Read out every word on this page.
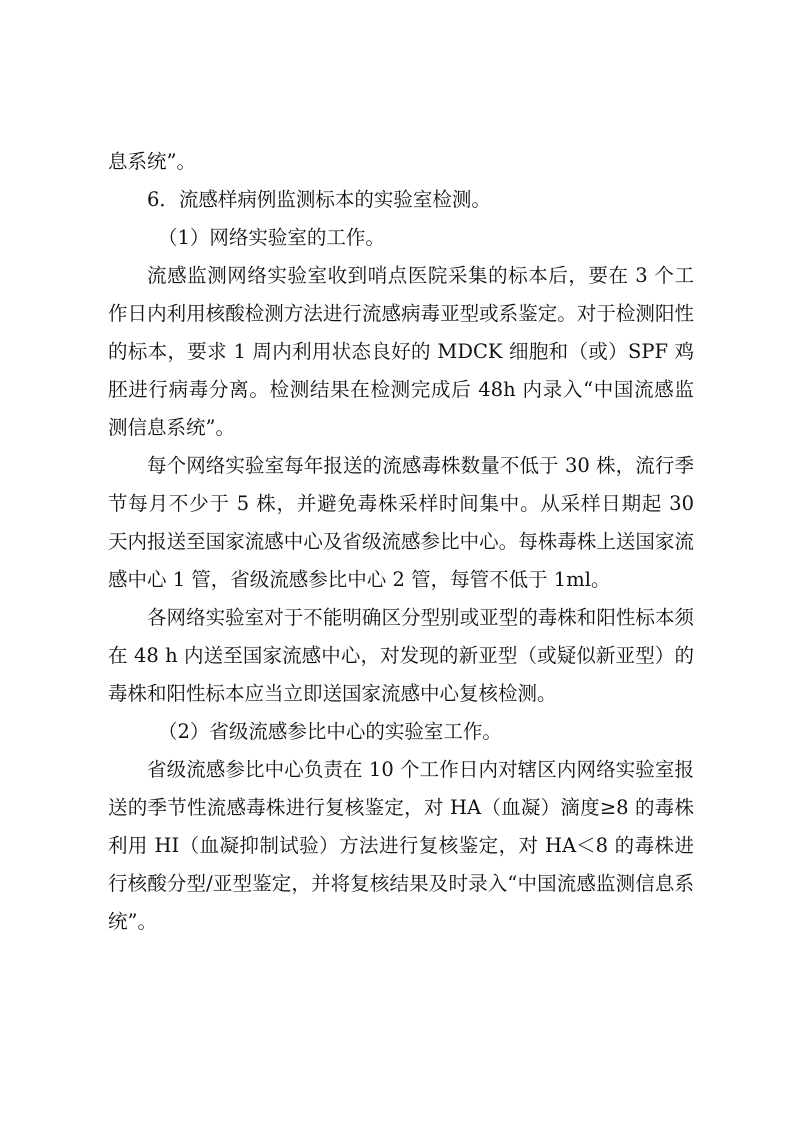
息系统”。

6．流感样病例监测标本的实验室检测。

（1）网络实验室的工作。

流感监测网络实验室收到哨点医院采集的标本后，要在 3 个工作日内利用核酸检测方法进行流感病毒亚型或系鉴定。对于检测阳性的标本，要求 1 周内利用状态良好的 MDCK 细胞和（或）SPF 鸡胚进行病毒分离。检测结果在检测完成后 48h 内录入“中国流感监测信息系统”。

每个网络实验室每年报送的流感毒株数量不低于 30 株，流行季节每月不少于 5 株，并避免毒株采样时间集中。从采样日期起 30 天内报送至国家流感中心及省级流感参比中心。每株毒株上送国家流感中心 1 管，省级流感参比中心 2 管，每管不低于 1ml。

各网络实验室对于不能明确区分型别或亚型的毒株和阳性标本须在 48 h 内送至国家流感中心，对发现的新亚型（或疑似新亚型）的毒株和阳性标本应当立即送国家流感中心复核检测。

（2）省级流感参比中心的实验室工作。

省级流感参比中心负责在 10 个工作日内对辖区内网络实验室报送的季节性流感毒株进行复核鉴定，对 HA（血凝）滴度≥8 的毒株利用 HI（血凝抑制试验）方法进行复核鉴定，对 HA＜8 的毒株进行核酸分型/亚型鉴定，并将复核结果及时录入“中国流感监测信息系统”。
